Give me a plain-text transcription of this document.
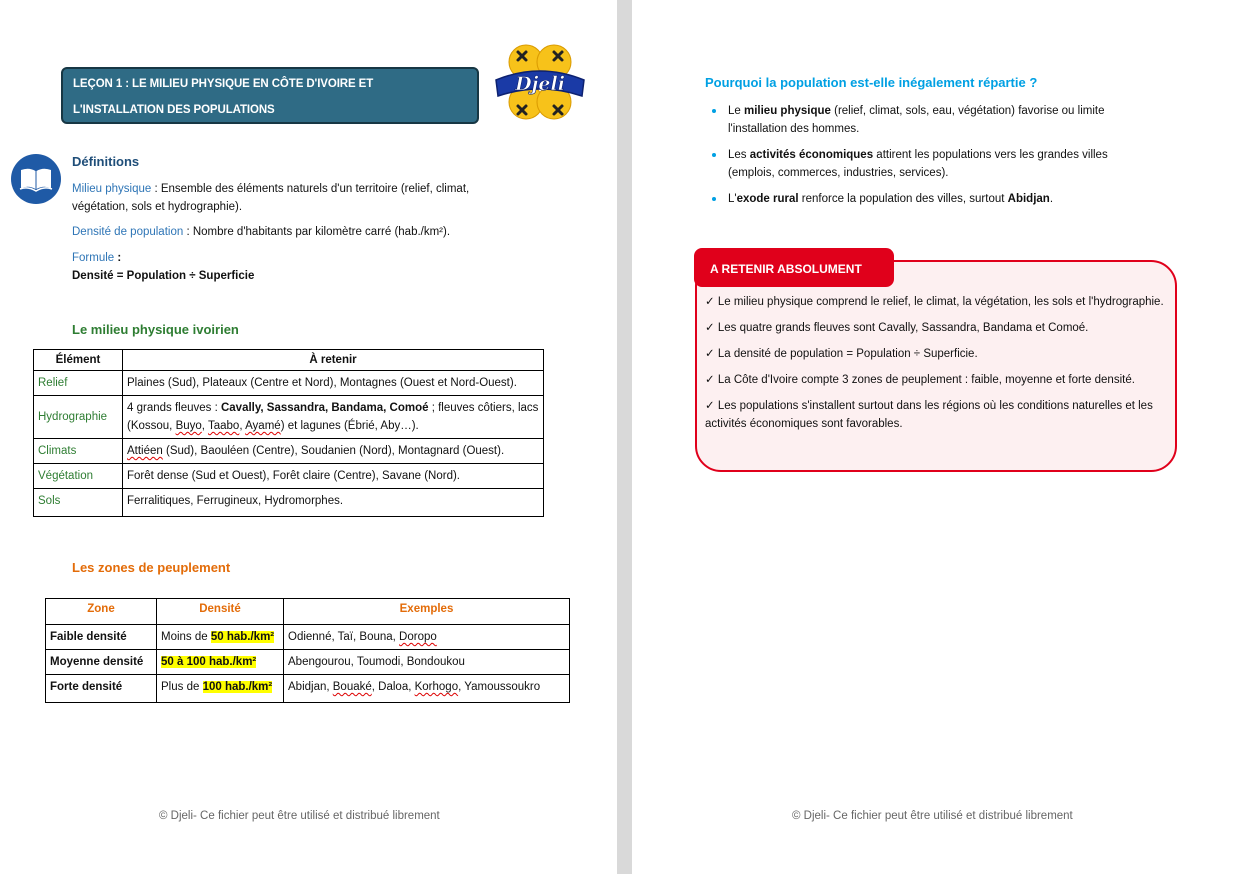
LEÇON 1 : LE MILIEU PHYSIQUE EN CÔTE D'IVOIRE ET L'INSTALLATION DES POPULATIONS
Djeli
Définitions
Milieu physique : Ensemble des éléments naturels d'un territoire (relief, climat, végétation, sols et hydrographie).
Densité de population : Nombre d'habitants par kilomètre carré (hab./km²).
Formule :
Densité = Population ÷ Superficie
Le milieu physique ivoirien
Élément	À retenir
Relief	Plaines (Sud), Plateaux (Centre et Nord), Montagnes (Ouest et Nord-Ouest).
Hydrographie	4 grands fleuves : Cavally, Sassandra, Bandama, Comoé ; fleuves côtiers, lacs (Kossou, Buyo, Taabo, Ayamé) et lagunes (Ébrié, Aby…).
Climats	Attiéen (Sud), Baouléen (Centre), Soudanien (Nord), Montagnard (Ouest).
Végétation	Forêt dense (Sud et Ouest), Forêt claire (Centre), Savane (Nord).
Sols	Ferralitiques, Ferrugineux, Hydromorphes.
Les zones de peuplement
Zone	Densité	Exemples
Faible densité	Moins de 50 hab./km²	Odienné, Taï, Bouna, Doropo
Moyenne densité	50 à 100 hab./km²	Abengourou, Toumodi, Bondoukou
Forte densité	Plus de 100 hab./km²	Abidjan, Bouaké, Daloa, Korhogo, Yamoussoukro
© Djeli- Ce fichier peut être utilisé et distribué librement
Pourquoi la population est-elle inégalement répartie ?
Le milieu physique (relief, climat, sols, eau, végétation) favorise ou limite l'installation des hommes.
Les activités économiques attirent les populations vers les grandes villes (emplois, commerces, industries, services).
L'exode rural renforce la population des villes, surtout Abidjan.
A RETENIR ABSOLUMENT
✓ Le milieu physique comprend le relief, le climat, la végétation, les sols et l'hydrographie.
✓ Les quatre grands fleuves sont Cavally, Sassandra, Bandama et Comoé.
✓ La densité de population = Population ÷ Superficie.
✓ La Côte d'Ivoire compte 3 zones de peuplement : faible, moyenne et forte densité.
✓ Les populations s'installent surtout dans les régions où les conditions naturelles et les activités économiques sont favorables.
© Djeli- Ce fichier peut être utilisé et distribué librement
